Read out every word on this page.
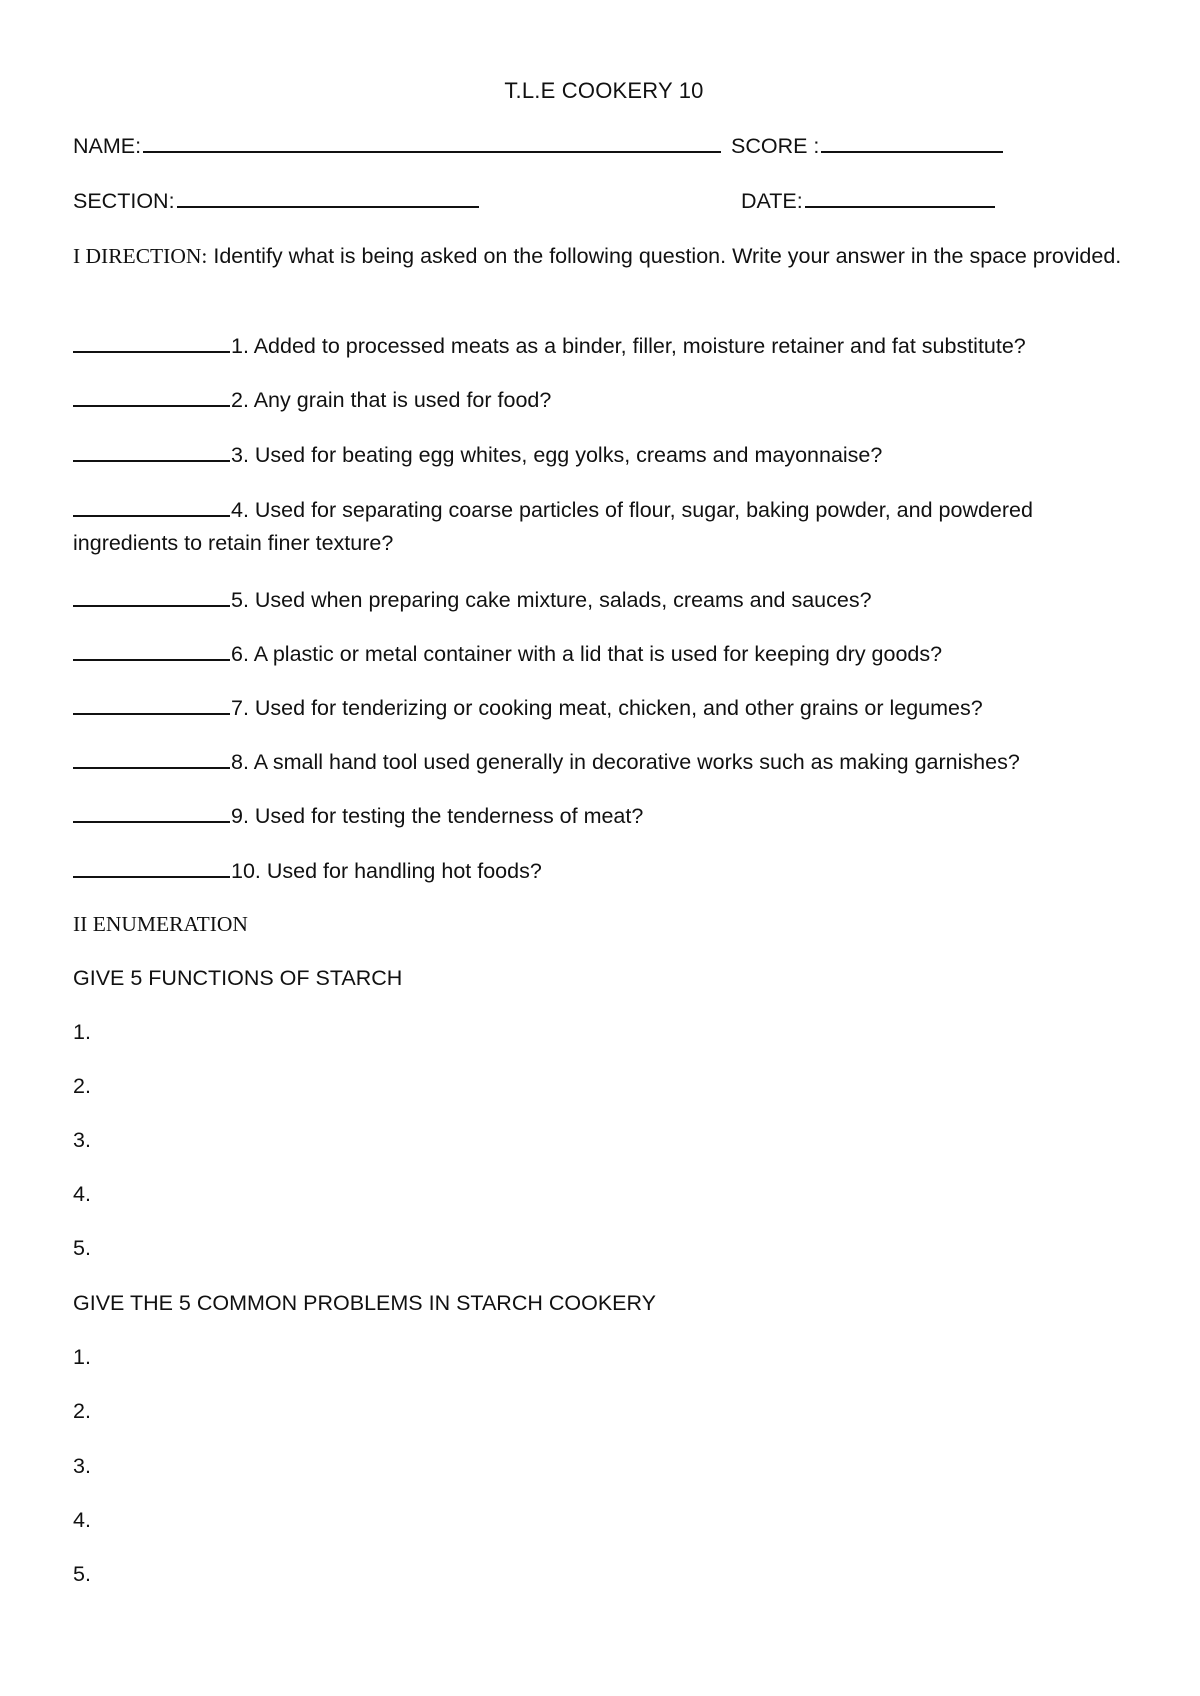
T.L.E COOKERY 10
NAME:	SCORE :
SECTION:	DATE:
I DIRECTION: Identify what is being asked on the following question. Write your answer in the space provided.
1. Added to processed meats as a binder, filler, moisture retainer and fat substitute?
2. Any grain that is used for food?
3. Used for beating egg whites, egg yolks, creams and mayonnaise?
4. Used for separating coarse particles of flour, sugar, baking powder, and powdered ingredients to retain finer texture?
5. Used when preparing cake mixture, salads, creams and sauces?
6. A plastic or metal container with a lid that is used for keeping dry goods?
7. Used for tenderizing or cooking meat, chicken, and other grains or legumes?
8. A small hand tool used generally in decorative works such as making garnishes?
9. Used for testing the tenderness of meat?
10. Used for handling hot foods?
II ENUMERATION
GIVE 5 FUNCTIONS OF STARCH
1.
2.
3.
4.
5.
GIVE THE 5 COMMON PROBLEMS IN STARCH COOKERY
1.
2.
3.
4.
5.
